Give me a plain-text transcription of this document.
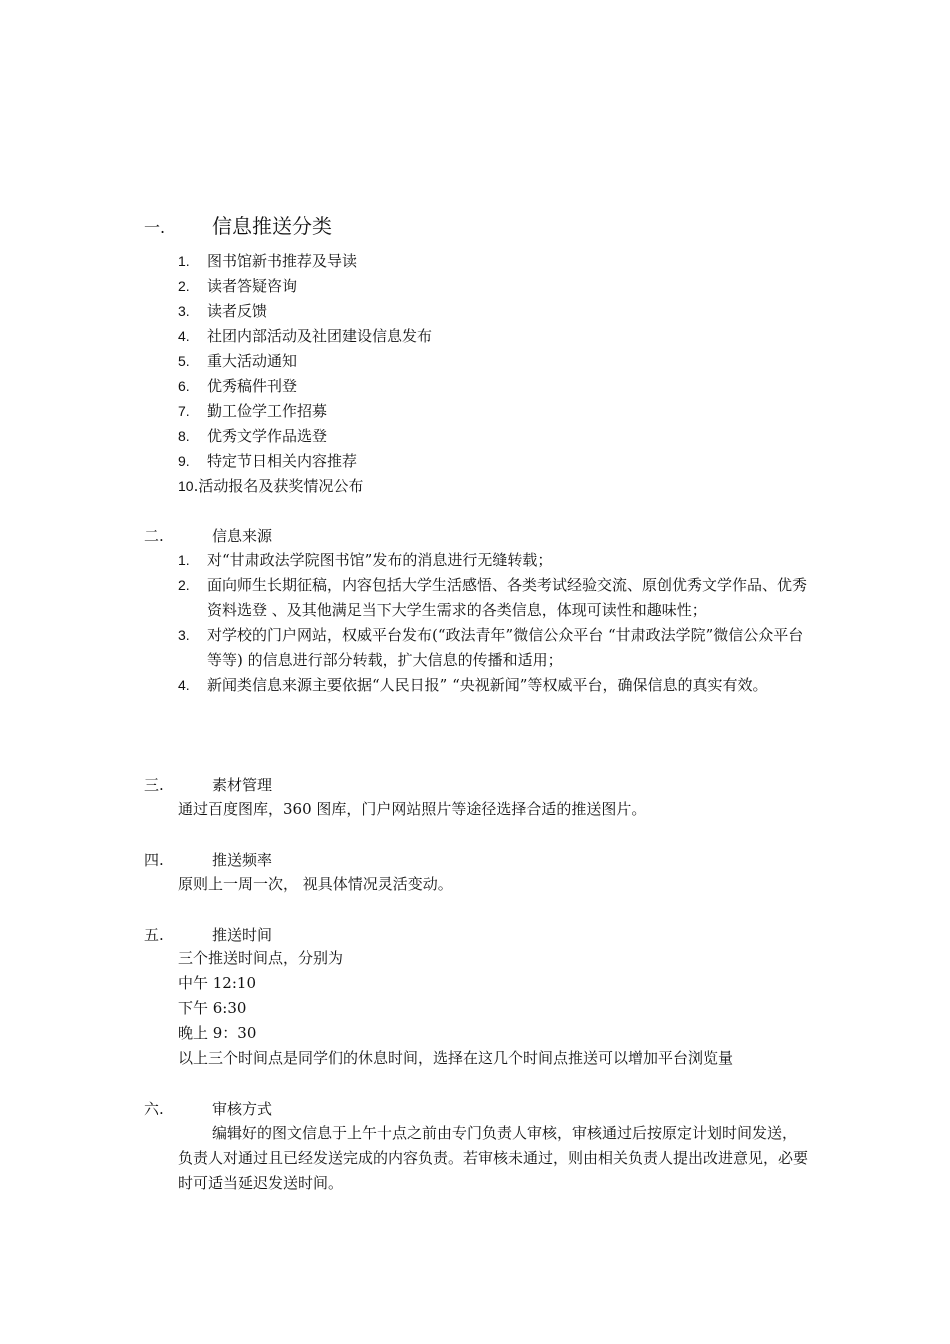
一. 信息推送分类
1. 图书馆新书推荐及导读
2. 读者答疑咨询
3. 读者反馈
4. 社团内部活动及社团建设信息发布
5. 重大活动通知
6. 优秀稿件刊登
7. 勤工俭学工作招募
8. 优秀文学作品选登
9. 特定节日相关内容推荐
10.活动报名及获奖情况公布
二.	信息来源
1. 对“甘肃政法学院图书馆”发布的消息进行无缝转载；
2. 面向师生长期征稿，内容包括大学生活感悟、各类考试经验交流、原创优秀文学作品、优秀资料选登 、及其他满足当下大学生需求的各类信息，体现可读性和趣味性；
3. 对学校的门户网站，权威平台发布(“政法青年”微信公众平台 “甘肃政法学院”微信公众平台等等) 的信息进行部分转载，扩大信息的传播和适用；
4. 新闻类信息来源主要依据“人民日报” “央视新闻”等权威平台，确保信息的真实有效。
三.	素材管理
通过百度图库，360 图库，门户网站照片等途径选择合适的推送图片。
四.	推送频率
原则上一周一次， 视具体情况灵活变动。
五.	推送时间
三个推送时间点，分别为
中午 12:10
下午 6:30
晚上 9：30
以上三个时间点是同学们的休息时间，选择在这几个时间点推送可以增加平台浏览量
六.	审核方式
编辑好的图文信息于上午十点之前由专门负责人审核，审核通过后按原定计划时间发送，负责人对通过且已经发送完成的内容负责。若审核未通过，则由相关负责人提出改进意见，必要时可适当延迟发送时间。
